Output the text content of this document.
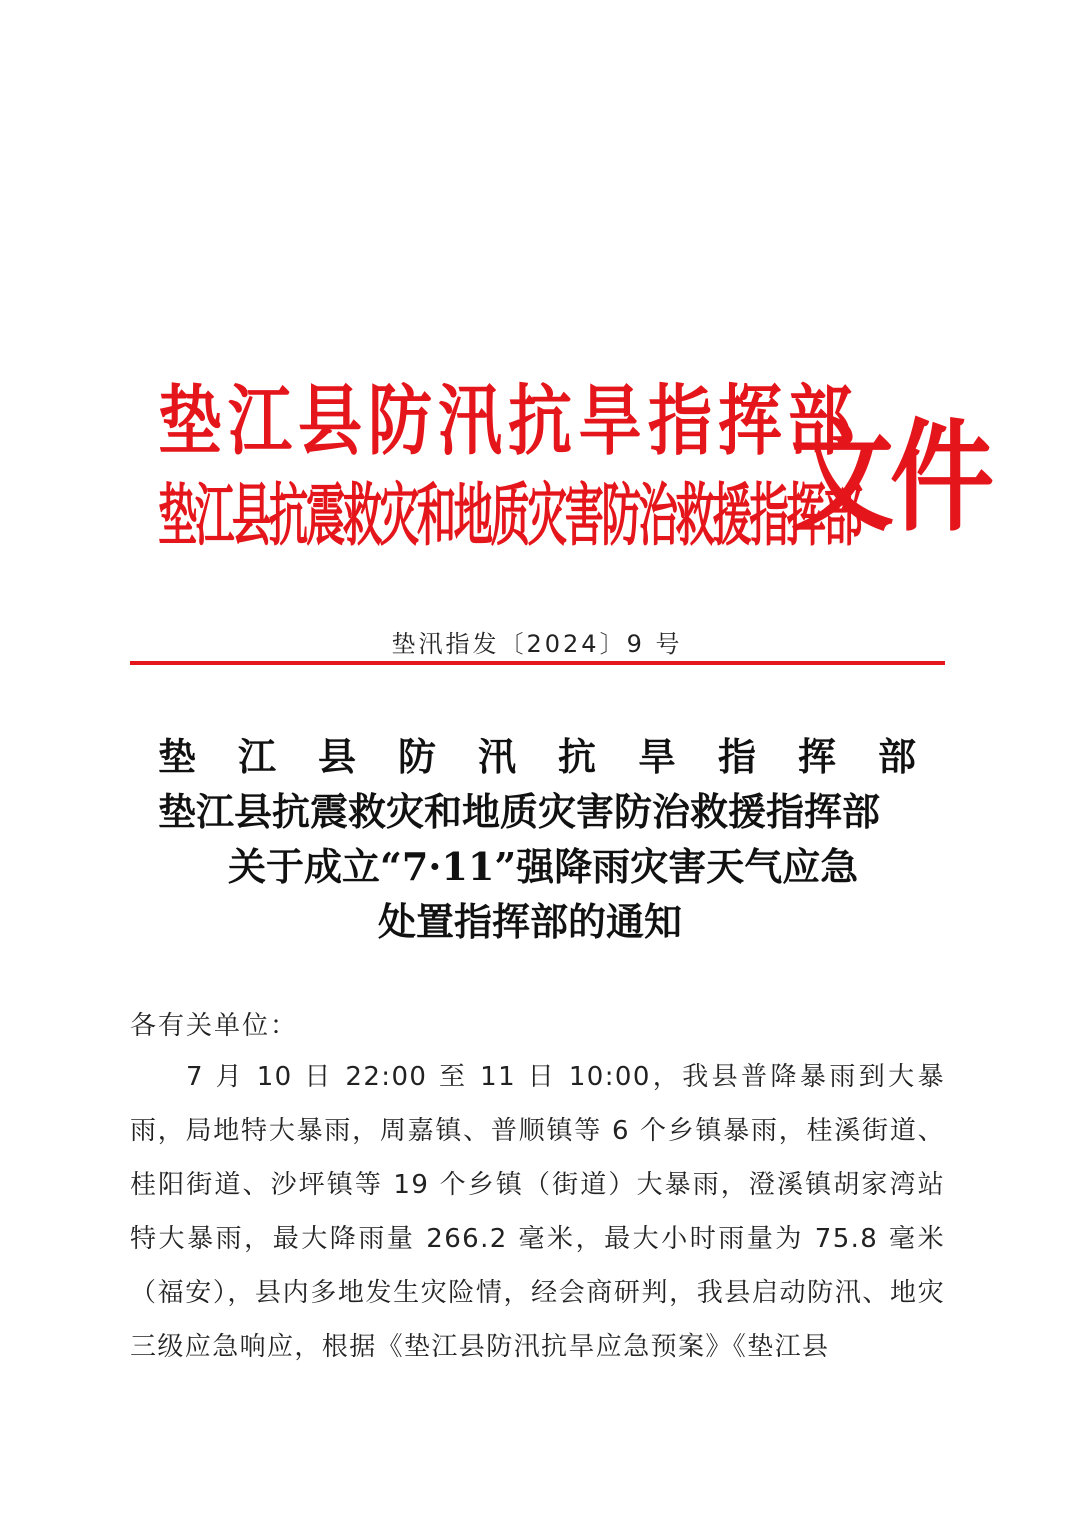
垫江县防汛抗旱指挥部
垫江县抗震救灾和地质灾害防治救援指挥部
文件
垫汛指发〔2024〕9 号
垫江县防汛抗旱指挥部
垫江县抗震救灾和地质灾害防治救援指挥部
关于成立“7·11”强降雨灾害天气应急
处置指挥部的通知
各有关单位：
7 月 10 日 22:00 至 11 日 10:00，我县普降暴雨到大暴雨，局地特大暴雨，周嘉镇、普顺镇等 6 个乡镇暴雨，桂溪街道、桂阳街道、沙坪镇等 19 个乡镇（街道）大暴雨，澄溪镇胡家湾站特大暴雨，最大降雨量 266.2 毫米，最大小时雨量为 75.8 毫米（福安），县内多地发生灾险情，经会商研判，我县启动防汛、地灾三级应急响应，根据《垫江县防汛抗旱应急预案》《垫江县
